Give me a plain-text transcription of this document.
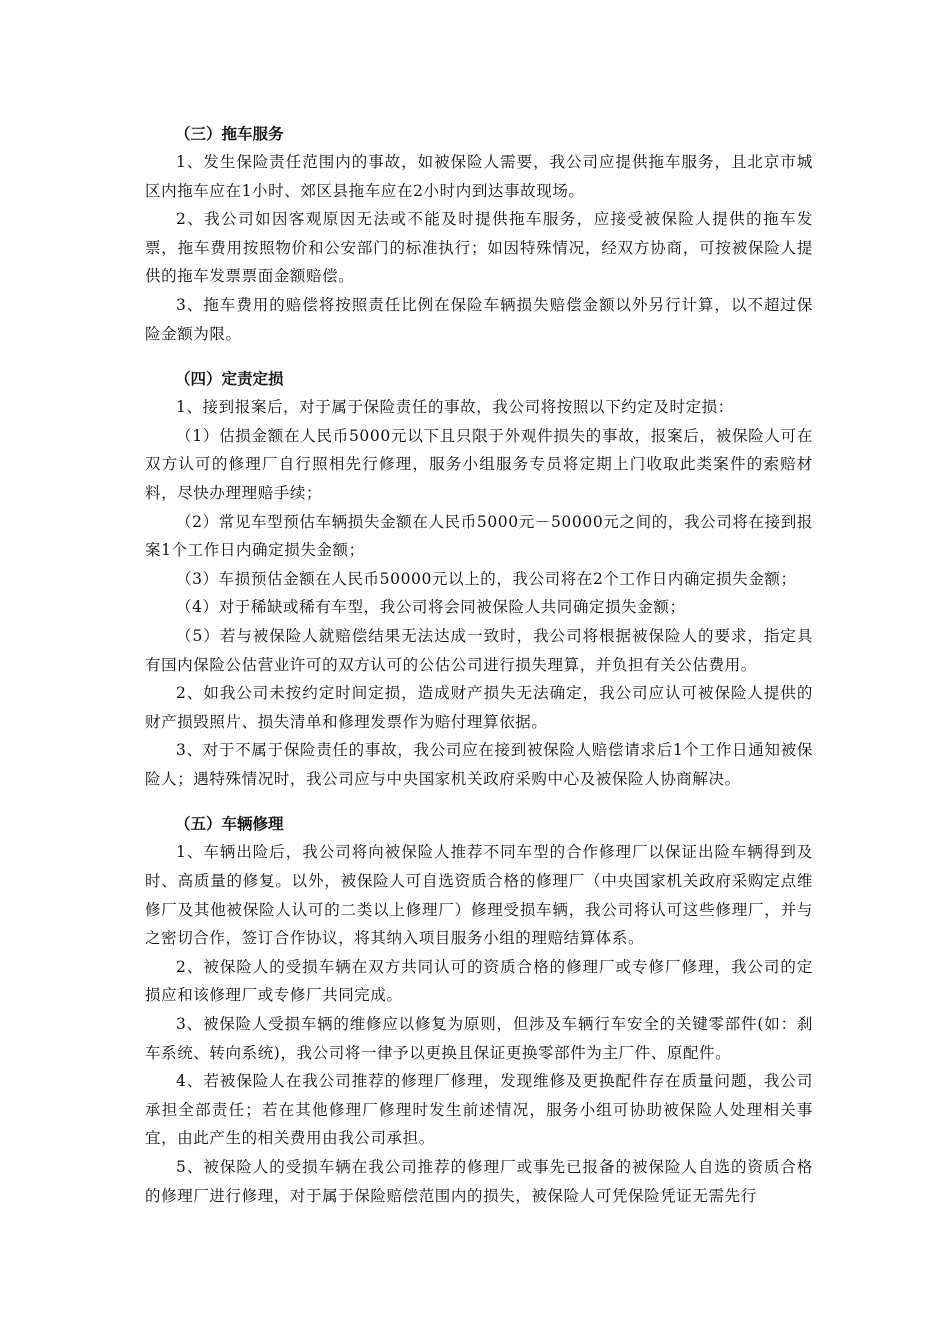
（三）拖车服务

1、发生保险责任范围内的事故，如被保险人需要，我公司应提供拖车服务，且北京市城区内拖车应在1小时、郊区县拖车应在2小时内到达事故现场。

2、我公司如因客观原因无法或不能及时提供拖车服务，应接受被保险人提供的拖车发票，拖车费用按照物价和公安部门的标准执行；如因特殊情况，经双方协商，可按被保险人提供的拖车发票票面金额赔偿。

3、拖车费用的赔偿将按照责任比例在保险车辆损失赔偿金额以外另行计算，以不超过保险金额为限。

（四）定责定损

1、接到报案后，对于属于保险责任的事故，我公司将按照以下约定及时定损：

（1）估损金额在人民币5000元以下且只限于外观件损失的事故，报案后，被保险人可在双方认可的修理厂自行照相先行修理，服务小组服务专员将定期上门收取此类案件的索赔材料，尽快办理理赔手续；

（2）常见车型预估车辆损失金额在人民币5000元－50000元之间的，我公司将在接到报案1个工作日内确定损失金额；

（3）车损预估金额在人民币50000元以上的，我公司将在2个工作日内确定损失金额；

（4）对于稀缺或稀有车型，我公司将会同被保险人共同确定损失金额；

（5）若与被保险人就赔偿结果无法达成一致时，我公司将根据被保险人的要求，指定具有国内保险公估营业许可的双方认可的公估公司进行损失理算，并负担有关公估费用。

2、如我公司未按约定时间定损，造成财产损失无法确定，我公司应认可被保险人提供的财产损毁照片、损失清单和修理发票作为赔付理算依据。

3、对于不属于保险责任的事故，我公司应在接到被保险人赔偿请求后1个工作日通知被保险人；遇特殊情况时，我公司应与中央国家机关政府采购中心及被保险人协商解决。

（五）车辆修理

1、车辆出险后，我公司将向被保险人推荐不同车型的合作修理厂以保证出险车辆得到及时、高质量的修复。以外，被保险人可自选资质合格的修理厂（中央国家机关政府采购定点维修厂及其他被保险人认可的二类以上修理厂）修理受损车辆，我公司将认可这些修理厂，并与之密切合作，签订合作协议，将其纳入项目服务小组的理赔结算体系。

2、被保险人的受损车辆在双方共同认可的资质合格的修理厂或专修厂修理，我公司的定损应和该修理厂或专修厂共同完成。

3、被保险人受损车辆的维修应以修复为原则，但涉及车辆行车安全的关键零部件(如：刹车系统、转向系统)，我公司将一律予以更换且保证更换零部件为主厂件、原配件。

4、若被保险人在我公司推荐的修理厂修理，发现维修及更换配件存在质量问题，我公司承担全部责任；若在其他修理厂修理时发生前述情况，服务小组可协助被保险人处理相关事宜，由此产生的相关费用由我公司承担。

5、被保险人的受损车辆在我公司推荐的修理厂或事先已报备的被保险人自选的资质合格的修理厂进行修理，对于属于保险赔偿范围内的损失，被保险人可凭保险凭证无需先行
